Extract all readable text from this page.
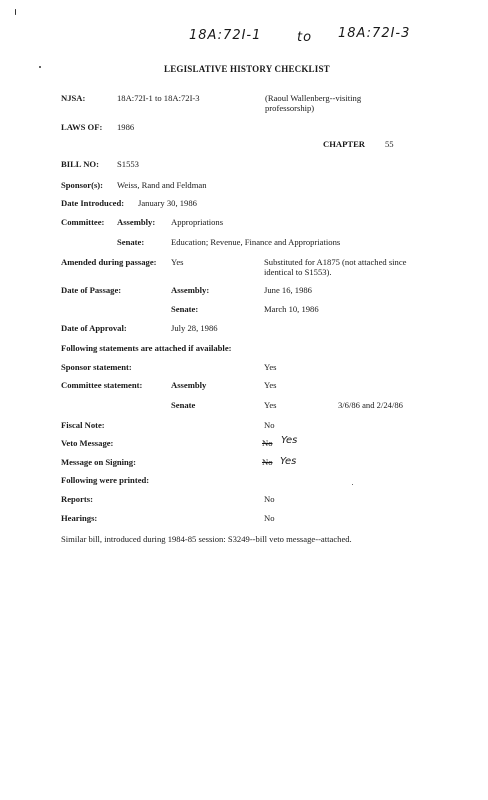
18A:72I-1	to 18A:72I-3
LEGISLATIVE HISTORY CHECKLIST
NJSA:	18A:72I-1 to 18A:72I-3	(Raoul Wallenberg--visiting professorship)
LAWS OF: 1986
CHAPTER 55
BILL NO: S1553
Sponsor(s): Weiss, Rand and Feldman
Date Introduced: January 30, 1986
Committee: Assembly: Appropriations
Senate:	Education; Revenue, Finance and Appropriations
Amended during passage: Yes	Substituted for A1875 (not attached since identical to S1553).
Date of Passage:	Assembly:	June 16, 1986
Senate:	March 10, 1986
Date of Approval:	July 28, 1986
Following statements are attached if available:
Sponsor statement:	Yes
Committee statement:	Assembly	Yes
Senate	Yes	3/6/86 and 2/24/86
Fiscal Note:	No
Veto Message:	No Yes
Message on Signing:	No Yes
Following were printed:
Reports:	No
Hearings:	No
Similar bill, introduced during 1984-85 session: S3249--bill veto message--attached.
